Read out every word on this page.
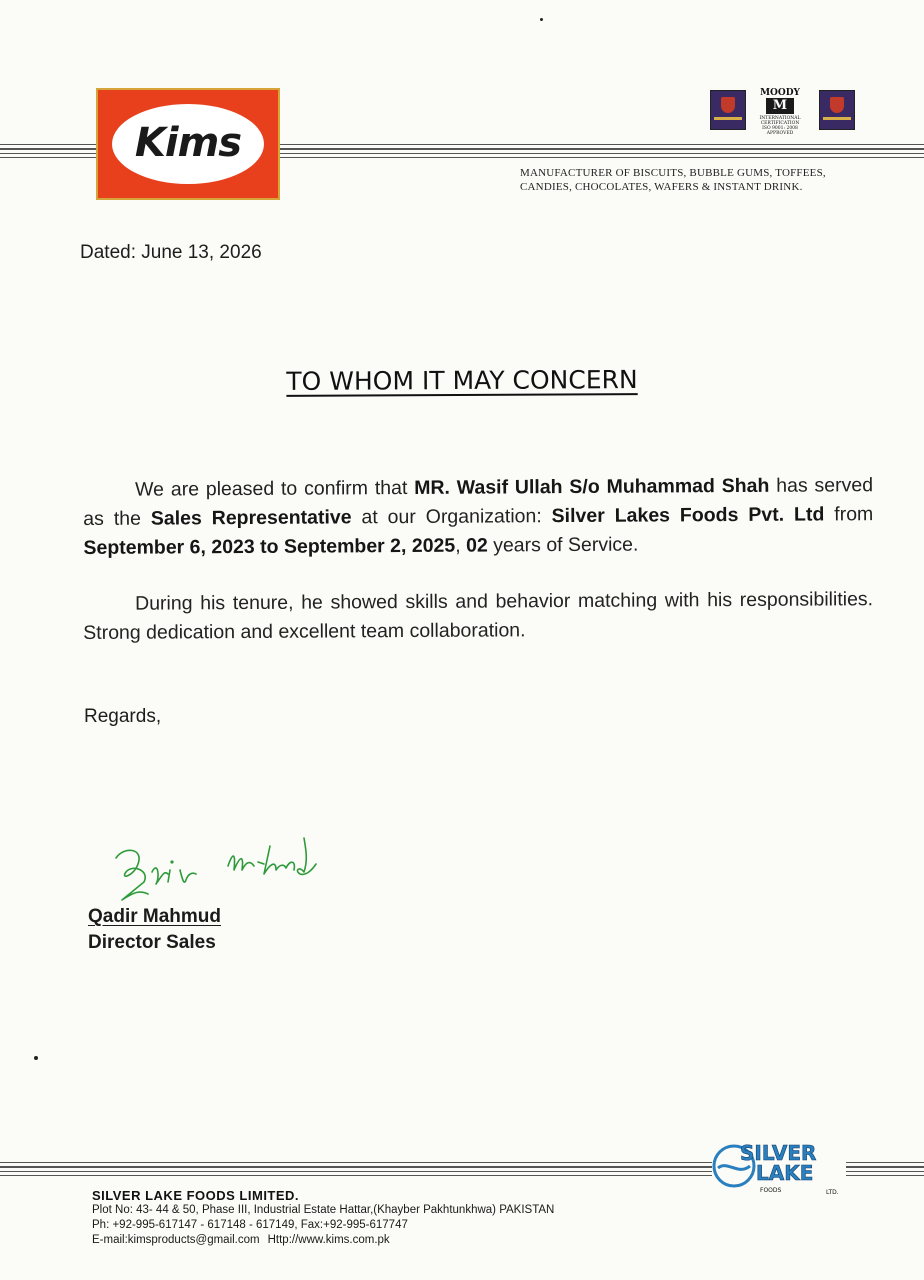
Kims
MOODY
M
INTERNATIONAL
CERTIFICATION
ISO 9001: 2008
APPROVED
MANUFACTURER OF BISCUITS, BUBBLE GUMS, TOFFEES,
CANDIES, CHOCOLATES, WAFERS & INSTANT DRINK.
Dated: June 13, 2026
TO WHOM IT MAY CONCERN
We are pleased to confirm that MR. Wasif Ullah S/o Muhammad Shah has served as the Sales Representative at our Organization: Silver Lakes Foods Pvt. Ltd from September 6, 2023 to September 2, 2025, 02 years of Service.
During his tenure, he showed skills and behavior matching with his responsibilities. Strong dedication and excellent team collaboration.
Regards,
Qadir Mahmud
Director Sales
SILVER
LAKE
FOODS	LTD.
SILVER LAKE FOODS LIMITED.
Plot No: 43- 44 & 50, Phase III, Industrial Estate Hattar,(Khayber Pakhtunkhwa) PAKISTAN
Ph: +92-995-617147 - 617148 - 617149, Fax:+92-995-617747
E-mail:kimsproducts@gmail.com Http://www.kims.com.pk
